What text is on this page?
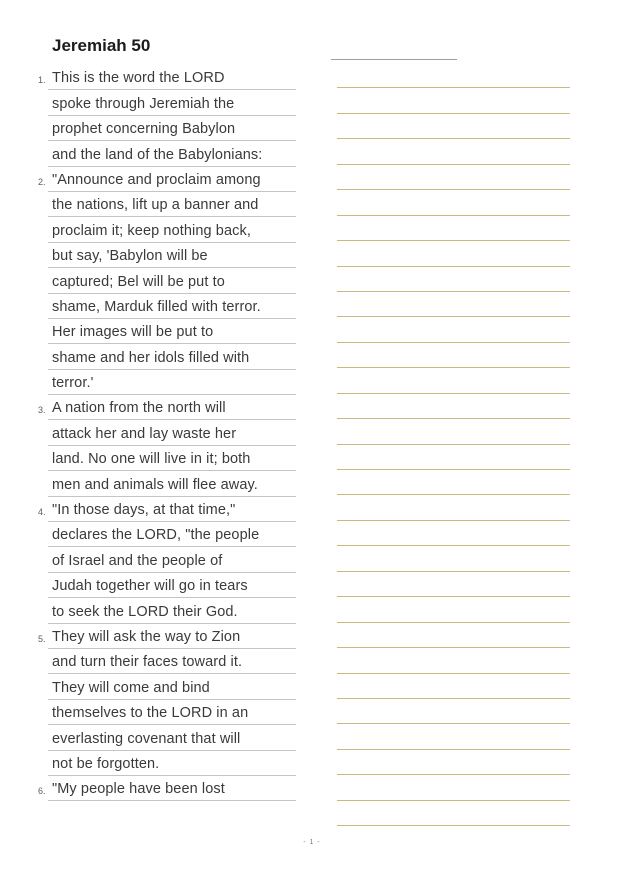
Jeremiah 50
1. This is the word the LORD
spoke through Jeremiah the
prophet concerning Babylon
and the land of the Babylonians:
2. "Announce and proclaim among
the nations, lift up a banner and
proclaim it; keep nothing back,
but say, 'Babylon will be
captured; Bel will be put to
shame, Marduk filled with terror.
Her images will be put to
shame and her idols filled with
terror.'
3. A nation from the north will
attack her and lay waste her
land. No one will live in it; both
men and animals will flee away.
4. "In those days, at that time,"
declares the LORD, "the people
of Israel and the people of
Judah together will go in tears
to seek the LORD their God.
5. They will ask the way to Zion
and turn their faces toward it.
They will come and bind
themselves to the LORD in an
everlasting covenant that will
not be forgotten.
6. "My people have been lost
- 1 -
